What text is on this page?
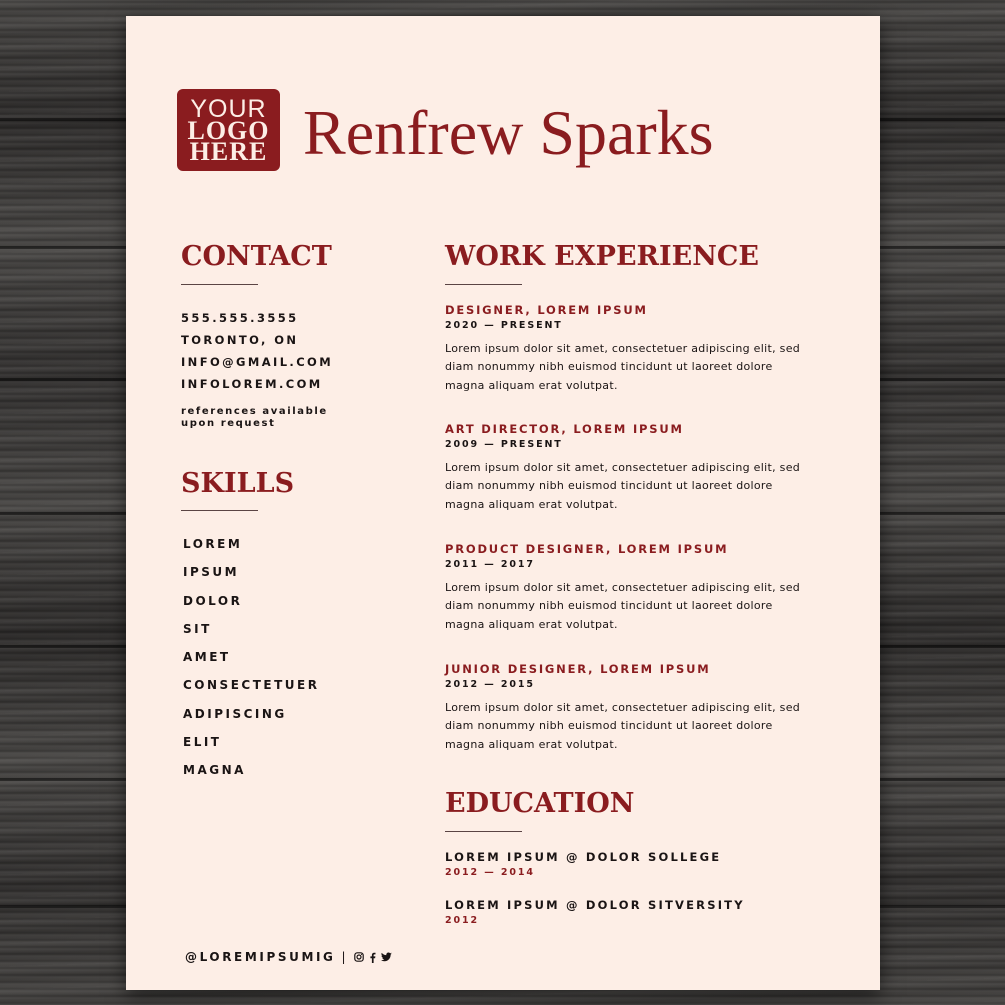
YOUR
LOGO
HERE Renfrew Sparks
CONTACT
555.555.3555
TORONTO, ON
INFO@GMAIL.COM
INFOLOREM.COM
references available
upon request
SKILLS
LOREM
IPSUM
DOLOR
SIT
AMET
CONSECTETUER
ADIPISCING
ELIT
MAGNA
WORK EXPERIENCE
DESIGNER, LOREM IPSUM
2020 — PRESENT
Lorem ipsum dolor sit amet, consectetuer adipiscing elit, sed diam nonummy nibh euismod tincidunt ut laoreet dolore magna aliquam erat volutpat.
ART DIRECTOR, LOREM IPSUM
2009 — PRESENT
Lorem ipsum dolor sit amet, consectetuer adipiscing elit, sed diam nonummy nibh euismod tincidunt ut laoreet dolore magna aliquam erat volutpat.
PRODUCT DESIGNER, LOREM IPSUM
2011 — 2017
Lorem ipsum dolor sit amet, consectetuer adipiscing elit, sed diam nonummy nibh euismod tincidunt ut laoreet dolore magna aliquam erat volutpat.
JUNIOR DESIGNER, LOREM IPSUM
2012 — 2015
Lorem ipsum dolor sit amet, consectetuer adipiscing elit, sed diam nonummy nibh euismod tincidunt ut laoreet dolore magna aliquam erat volutpat.
EDUCATION
LOREM IPSUM @ DOLOR SOLLEGE
2012 — 2014
LOREM IPSUM @ DOLOR SITVERSITY
2012
@LOREMIPSUMIG |
